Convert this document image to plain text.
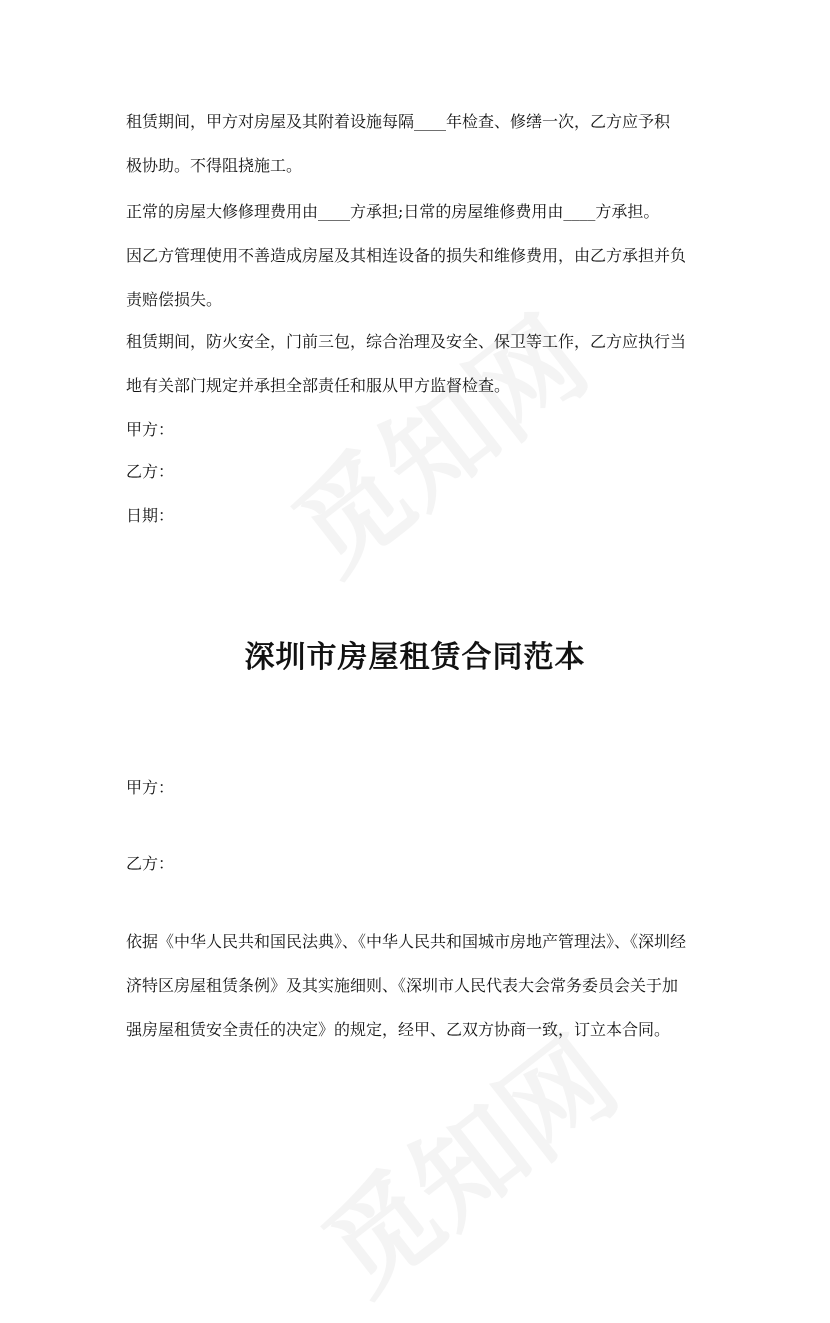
租赁期间，甲方对房屋及其附着设施每隔____年检查、修缮一次，乙方应予积
极协助。不得阻挠施工。
正常的房屋大修修理费用由____方承担;日常的房屋维修费用由____方承担。
因乙方管理使用不善造成房屋及其相连设备的损失和维修费用，由乙方承担并负
责赔偿损失。
租赁期间，防火安全，门前三包，综合治理及安全、保卫等工作，乙方应执行当
地有关部门规定并承担全部责任和服从甲方监督检查。
甲方：
乙方：
日期：
深圳市房屋租赁合同范本
甲方：
乙方：
依据《中华人民共和国民法典》、《中华人民共和国城市房地产管理法》、《深圳经
济特区房屋租赁条例》及其实施细则、《深圳市人民代表大会常务委员会关于加
强房屋租赁安全责任的决定》的规定，经甲、乙双方协商一致，订立本合同。
